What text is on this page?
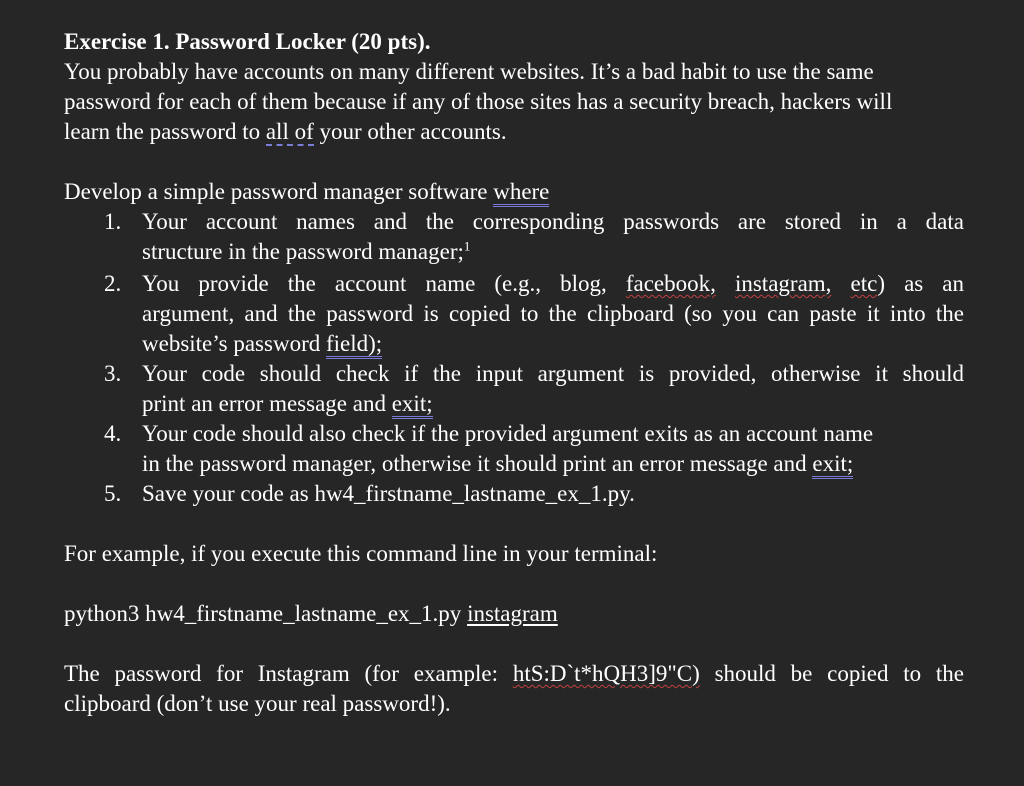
Exercise 1. Password Locker (20 pts).
You probably have accounts on many different websites. It’s a bad habit to use the same
password for each of them because if any of those sites has a security breach, hackers will
learn the password to all of your other accounts.
Develop a simple password manager software where
1. Your account names and the corresponding passwords are stored in a data
structure in the password manager;$^1$
2. You provide the account name (e.g., blog, facebook, instagram, etc) as an
argument, and the password is copied to the clipboard (so you can paste it into the
website’s password field);
3. Your code should check if the input argument is provided, otherwise it should
print an error message and exit;
4. Your code should also check if the provided argument exits as an account name
in the password manager, otherwise it should print an error message and exit;
5. Save your code as hw4_firstname_lastname_ex_1.py.
For example, if you execute this command line in your terminal:
python3 hw4_firstname_lastname_ex_1.py instagram
The password for Instagram (for example: htS:D`t*hQH3]9"C) should be copied to the
clipboard (don’t use your real password!).
